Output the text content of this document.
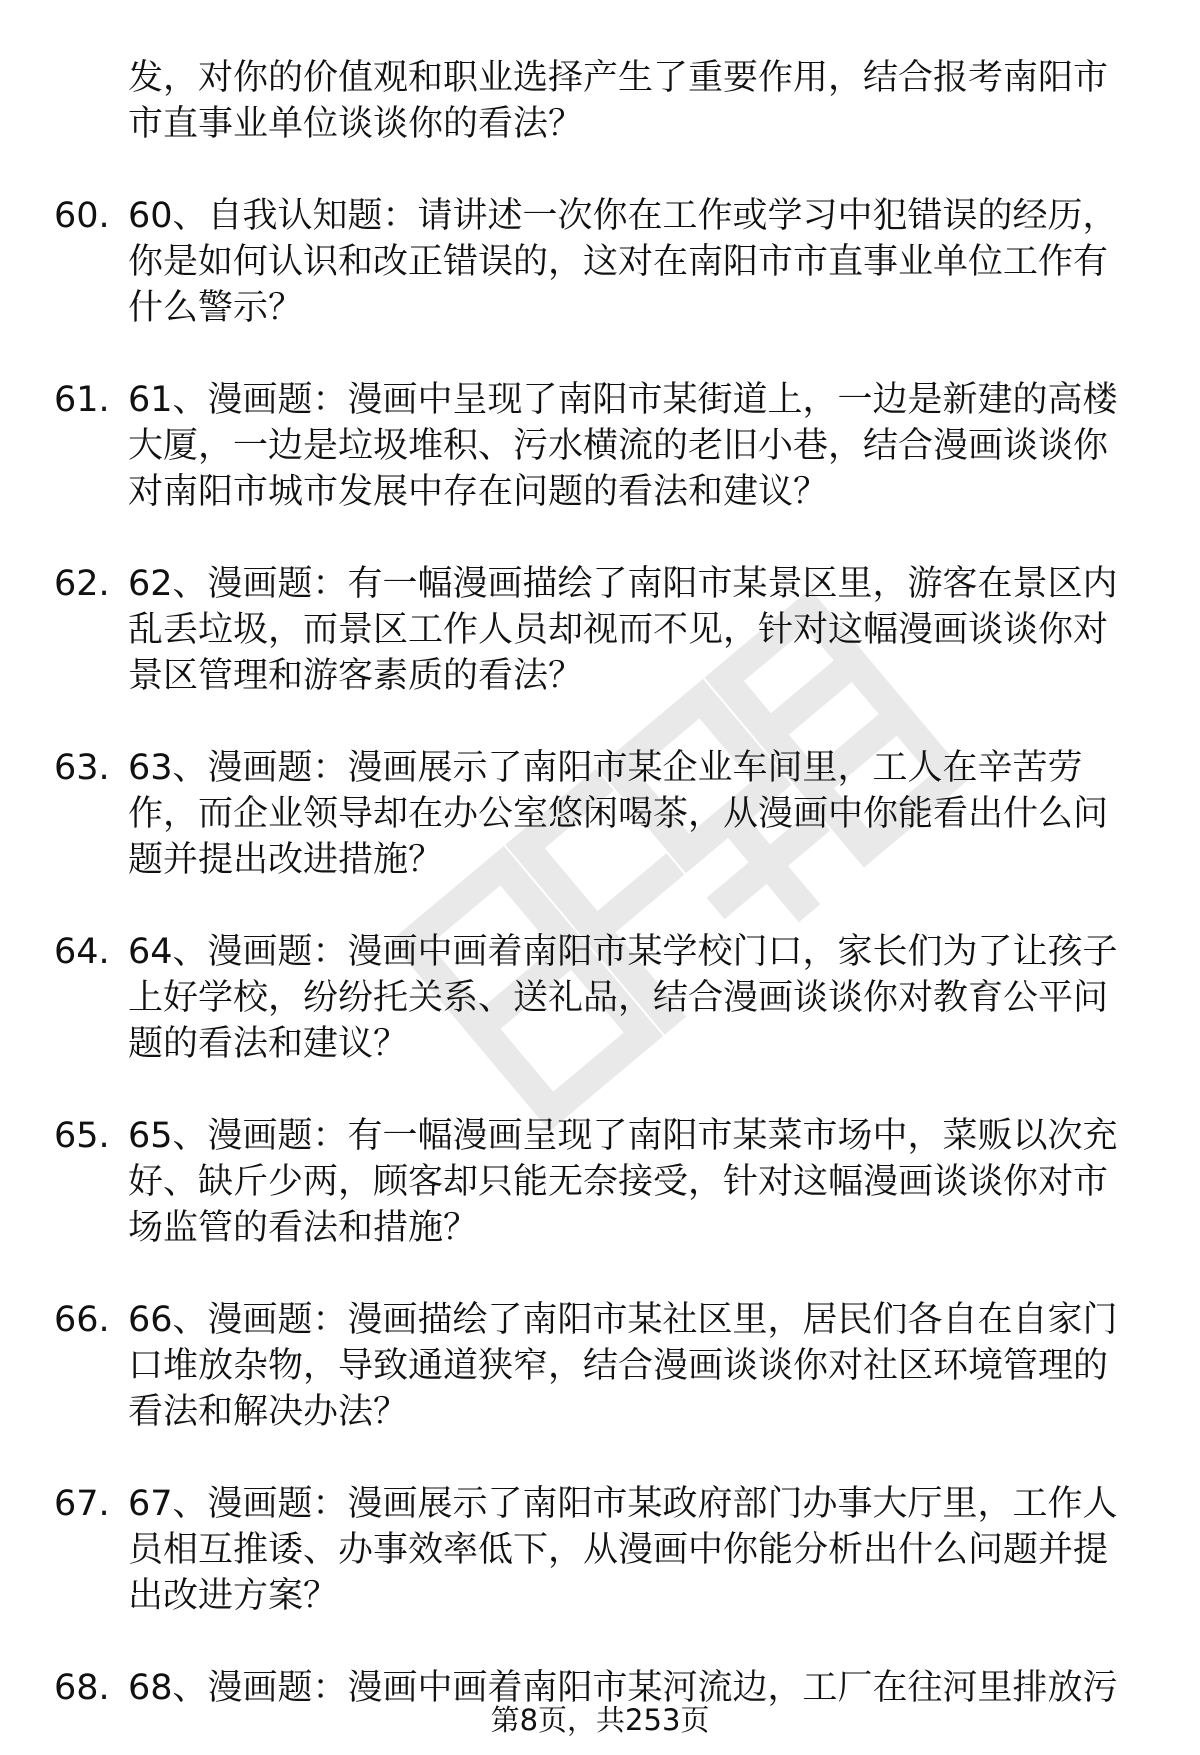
发，对你的价值观和职业选择产生了重要作用，结合报考南阳市市直事业单位谈谈你的看法？
60. 60、自我认知题：请讲述一次你在工作或学习中犯错误的经历，你是如何认识和改正错误的，这对在南阳市市直事业单位工作有什么警示？
61. 61、漫画题：漫画中呈现了南阳市某街道上，一边是新建的高楼大厦，一边是垃圾堆积、污水横流的老旧小巷，结合漫画谈谈你对南阳市城市发展中存在问题的看法和建议？
62. 62、漫画题：有一幅漫画描绘了南阳市某景区里，游客在景区内乱丢垃圾，而景区工作人员却视而不见，针对这幅漫画谈谈你对景区管理和游客素质的看法？
63. 63、漫画题：漫画展示了南阳市某企业车间里，工人在辛苦劳作，而企业领导却在办公室悠闲喝茶，从漫画中你能看出什么问题并提出改进措施？
64. 64、漫画题：漫画中画着南阳市某学校门口，家长们为了让孩子上好学校，纷纷托关系、送礼品，结合漫画谈谈你对教育公平问题的看法和建议？
65. 65、漫画题：有一幅漫画呈现了南阳市某菜市场中，菜贩以次充好、缺斤少两，顾客却只能无奈接受，针对这幅漫画谈谈你对市场监管的看法和措施？
66. 66、漫画题：漫画描绘了南阳市某社区里，居民们各自在自家门口堆放杂物，导致通道狭窄，结合漫画谈谈你对社区环境管理的看法和解决办法？
67. 67、漫画题：漫画展示了南阳市某政府部门办事大厅里，工作人员相互推诿、办事效率低下，从漫画中你能分析出什么问题并提出改进方案？
68. 68、漫画题：漫画中画着南阳市某河流边，工厂在往河里排放污
第8页，共253页
